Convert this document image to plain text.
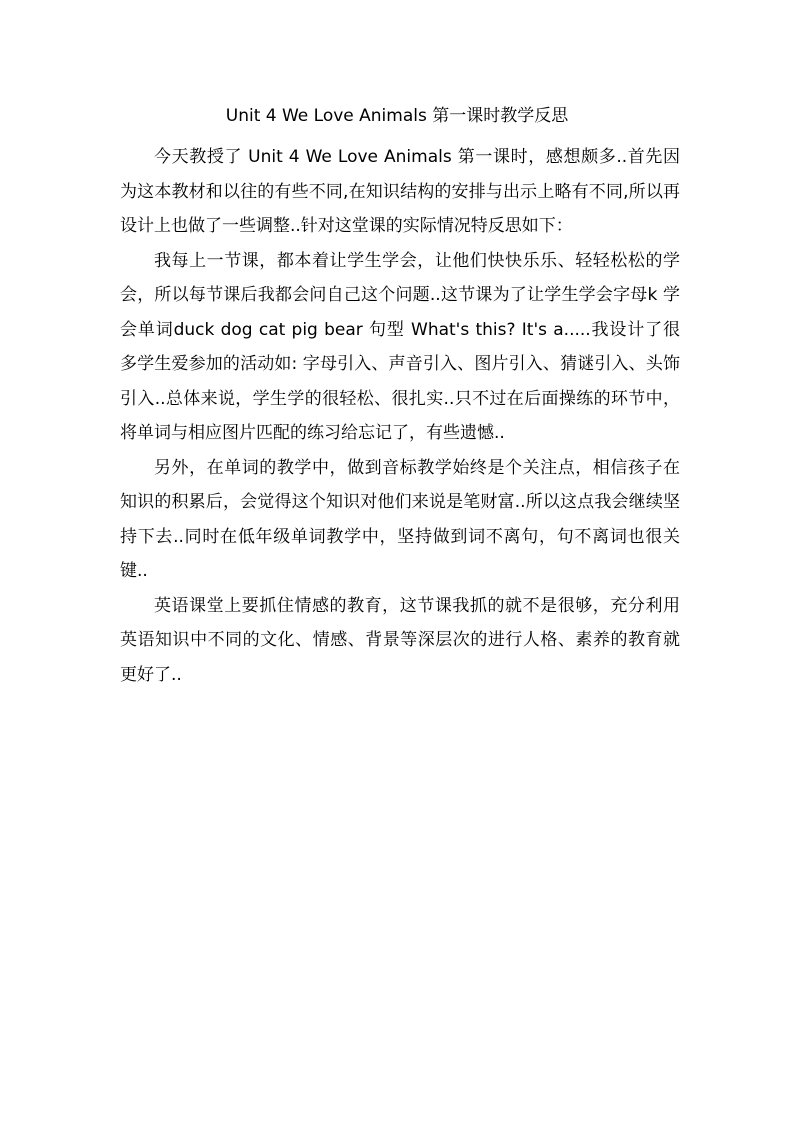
Unit 4 We Love Animals 第一课时教学反思

今天教授了 Unit 4 We Love Animals 第一课时，感想颇多..首先因为这本教材和以往的有些不同,在知识结构的安排与出示上略有不同,所以再设计上也做了一些调整..针对这堂课的实际情况特反思如下：

我每上一节课，都本着让学生学会，让他们快快乐乐、轻轻松松的学会，所以每节课后我都会问自己这个问题..这节课为了让学生学会字母k 学会单词duck dog cat pig bear 句型 What's this? It's a.....我设计了很多学生爱参加的活动如: 字母引入、声音引入、图片引入、猜谜引入、头饰引入..总体来说，学生学的很轻松、很扎实..只不过在后面操练的环节中，将单词与相应图片匹配的练习给忘记了，有些遗憾..

另外，在单词的教学中，做到音标教学始终是个关注点，相信孩子在知识的积累后，会觉得这个知识对他们来说是笔财富..所以这点我会继续坚持下去..同时在低年级单词教学中，坚持做到词不离句，句不离词也很关键..

英语课堂上要抓住情感的教育，这节课我抓的就不是很够，充分利用英语知识中不同的文化、情感、背景等深层次的进行人格、素养的教育就更好了..
